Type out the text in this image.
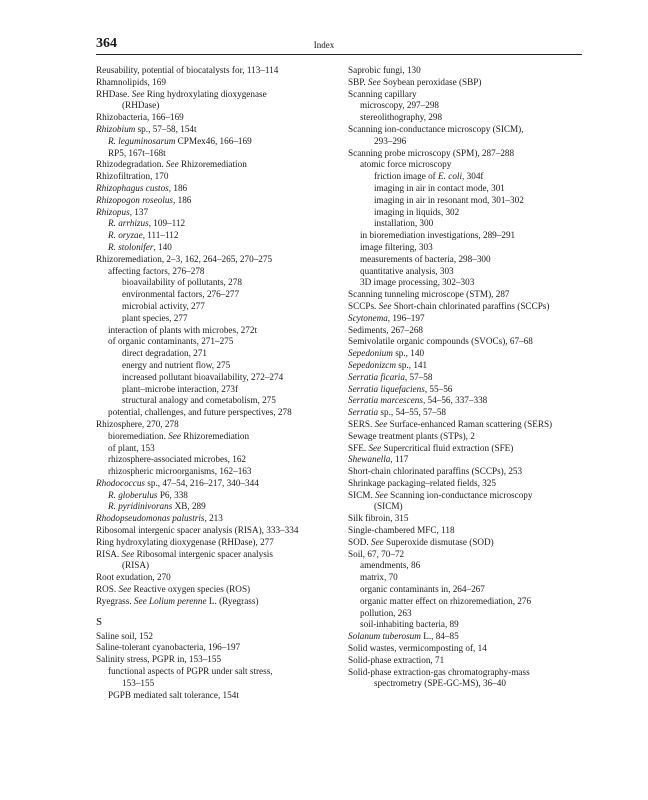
364	Index
Reusability, potential of biocatalysts for, 113–114
Rhamnolipids, 169
RHDase. See Ring hydroxylating dioxygenase
(RHDase)
Rhizobacteria, 166–169
Rhizobium sp., 57–58, 154t
R. leguminosarum CPMex46, 166–169
RP5, 167t–168t
Rhizodegradation. See Rhizoremediation
Rhizofiltration, 170
Rhizophagus custos, 186
Rhizopogon roseolus, 186
Rhizopus, 137
R. arrhizus, 109–112
R. oryzae, 111–112
R. stolonifer, 140
Rhizoremediation, 2–3, 162, 264–265, 270–275
affecting factors, 276–278
bioavailability of pollutants, 278
environmental factors, 276–277
microbial activity, 277
plant species, 277
interaction of plants with microbes, 272t
of organic contaminants, 271–275
direct degradation, 271
energy and nutrient flow, 275
increased pollutant bioavailability, 272–274
plant–microbe interaction, 273f
structural analogy and cometabolism, 275
potential, challenges, and future perspectives, 278
Rhizosphere, 270, 278
bioremediation. See Rhizoremediation
of plant, 153
rhizosphere-associated microbes, 162
rhizospheric microorganisms, 162–163
Rhodococcus sp., 47–54, 216–217, 340–344
R. globerulus P6, 338
R. pyridinivorans XB, 289
Rhodopseudomonas palustris, 213
Ribosomal intergenic spacer analysis (RISA), 333–334
Ring hydroxylating dioxygenase (RHDase), 277
RISA. See Ribosomal intergenic spacer analysis
(RISA)
Root exudation, 270
ROS. See Reactive oxygen species (ROS)
Ryegrass. See Lolium perenne L. (Ryegrass)
S
Saline soil, 152
Saline-tolerant cyanobacteria, 196–197
Salinity stress, PGPR in, 153–155
functional aspects of PGPR under salt stress,
153–155
PGPB mediated salt tolerance, 154t
Saprobic fungi, 130
SBP. See Soybean peroxidase (SBP)
Scanning capillary
microscopy, 297–298
stereolithography, 298
Scanning ion-conductance microscopy (SICM),
293–296
Scanning probe microscopy (SPM), 287–288
atomic force microscopy
friction image of E. coli, 304f
imaging in air in contact mode, 301
imaging in air in resonant mod, 301–302
imaging in liquids, 302
installation, 300
in bioremediation investigations, 289–291
image filtering, 303
measurements of bacteria, 298–300
quantitative analysis, 303
3D image processing, 302–303
Scanning tunneling microscope (STM), 287
SCCPs. See Short-chain chlorinated paraffins (SCCPs)
Scytonema, 196–197
Sediments, 267–268
Semivolatile organic compounds (SVOCs), 67–68
Sepedonium sp., 140
Sepedonizcm sp., 141
Serratia ficaria, 57–58
Serratia liquefaciens, 55–56
Serratia marcescens, 54–56, 337–338
Serratia sp., 54–55, 57–58
SERS. See Surface-enhanced Raman scattering (SERS)
Sewage treatment plants (STPs), 2
SFE. See Supercritical fluid extraction (SFE)
Shewanella, 117
Short-chain chlorinated paraffins (SCCPs), 253
Shrinkage packaging–related fields, 325
SICM. See Scanning ion-conductance microscopy
(SICM)
Silk fibroin, 315
Single-chambered MFC, 118
SOD. See Superoxide dismutase (SOD)
Soil, 67, 70–72
amendments, 86
matrix, 70
organic contaminants in, 264–267
organic matter effect on rhizoremediation, 276
pollution, 263
soil-inhabiting bacteria, 89
Solanum tuberosum L., 84–85
Solid wastes, vermicomposting of, 14
Solid-phase extraction, 71
Solid-phase extraction-gas chromatography-mass
spectrometry (SPE-GC-MS), 36–40
